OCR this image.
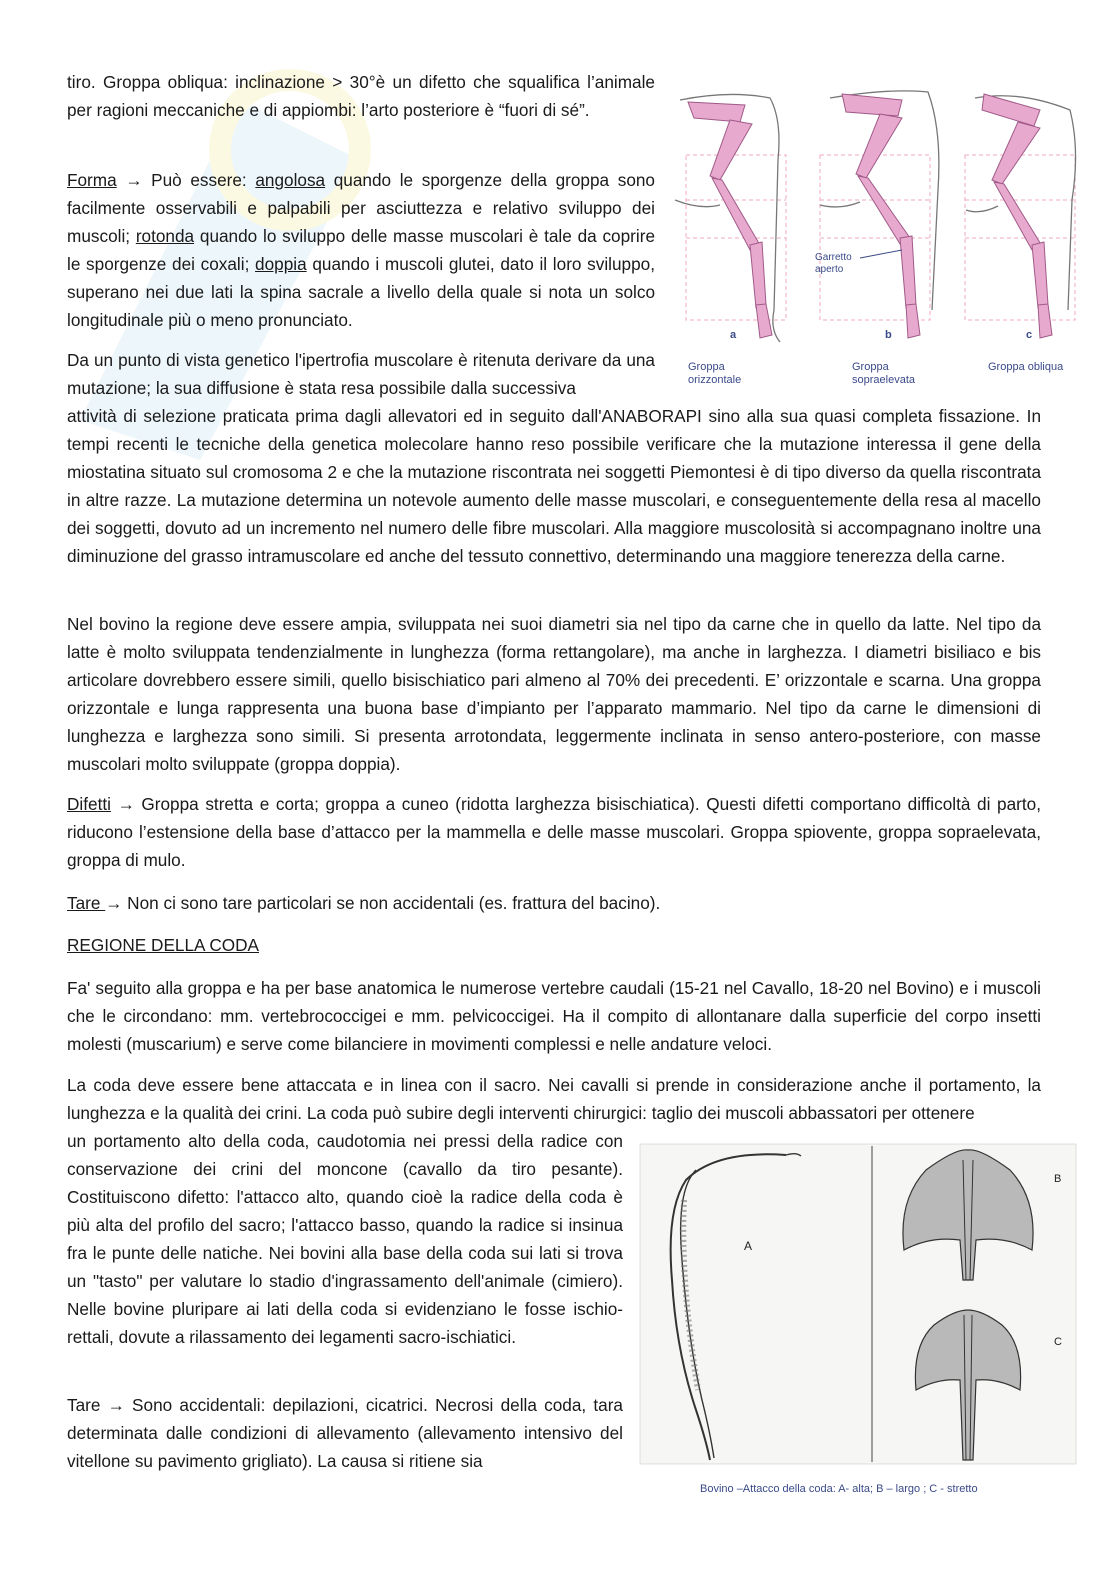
tiro. Groppa obliqua: inclinazione > 30°è un difetto che squalifica l’animale per ragioni meccaniche e di appiombi: l’arto posteriore è “fuori di sé”.

Forma → Può essere: angolosa quando le sporgenze della groppa sono facilmente osservabili e palpabili per asciuttezza e relativo sviluppo dei muscoli; rotonda quando lo sviluppo delle masse muscolari è tale da coprire le sporgenze dei coxali; doppia quando i muscoli glutei, dato il loro sviluppo, superano nei due lati la spina sacrale a livello della quale si nota un solco longitudinale più o meno pronunciato.

Da un punto di vista genetico l'ipertrofia muscolare è ritenuta derivare da una mutazione; la sua diffusione è stata resa possibile dalla successiva

attività di selezione praticata prima dagli allevatori ed in seguito dall'ANABORAPI sino alla sua quasi completa fissazione. In tempi recenti le tecniche della genetica molecolare hanno reso possibile verificare che la mutazione interessa il gene della miostatina situato sul cromosoma 2 e che la mutazione riscontrata nei soggetti Piemontesi è di tipo diverso da quella riscontrata in altre razze. La mutazione determina un notevole aumento delle masse muscolari, e conseguentemente della resa al macello dei soggetti, dovuto ad un incremento nel numero delle fibre muscolari. Alla maggiore muscolosità si accompagnano inoltre una diminuzione del grasso intramuscolare ed anche del tessuto connettivo, determinando una maggiore tenerezza della carne.

Nel bovino la regione deve essere ampia, sviluppata nei suoi diametri sia nel tipo da carne che in quello da latte. Nel tipo da latte è molto sviluppata tendenzialmente in lunghezza (forma rettangolare), ma anche in larghezza. I diametri bisiliaco e bis articolare dovrebbero essere simili, quello bisischiatico pari almeno al 70% dei precedenti. E’ orizzontale e scarna. Una groppa orizzontale e lunga rappresenta una buona base d’impianto per l’apparato mammario. Nel tipo da carne le dimensioni di lunghezza e larghezza sono simili. Si presenta arrotondata, leggermente inclinata in senso antero-posteriore, con masse muscolari molto sviluppate (groppa doppia).

Difetti → Groppa stretta e corta; groppa a cuneo (ridotta larghezza bisischiatica). Questi difetti comportano difficoltà di parto, riducono l’estensione della base d’attacco per la mammella e delle masse muscolari. Groppa spiovente, groppa sopraelevata, groppa di mulo.

Tare → Non ci sono tare particolari se non accidentali (es. frattura del bacino).

REGIONE DELLA CODA

Fa' seguito alla groppa e ha per base anatomica le numerose vertebre caudali (15-21 nel Cavallo, 18-20 nel Bovino) e i muscoli che le circondano: mm. vertebrococcigei e mm. pelvicoccigei. Ha il compito di allontanare dalla superficie del corpo insetti molesti (muscarium) e serve come bilanciere in movimenti complessi e nelle andature veloci.

La coda deve essere bene attaccata e in linea con il sacro. Nei cavalli si prende in considerazione anche il portamento, la lunghezza e la qualità dei crini. La coda può subire degli interventi chirurgici: taglio dei muscoli abbassatori per ottenere

un portamento alto della coda, caudotomia nei pressi della radice con conservazione dei crini del moncone (cavallo da tiro pesante). Costituiscono difetto: l'attacco alto, quando cioè la radice della coda è più alta del profilo del sacro; l'attacco basso, quando la radice si insinua fra le punte delle natiche. Nei bovini alla base della coda sui lati si trova un "tasto" per valutare lo stadio d'ingrassamento dell'animale (cimiero). Nelle bovine pluripare ai lati della coda si evidenziano le fosse ischio-rettali, dovute a rilassamento dei legamenti sacro-ischiatici.

Tare → Sono accidentali: depilazioni, cicatrici. Necrosi della coda, tara determinata dalle condizioni di allevamento (allevamento intensivo del vitellone su pavimento grigliato). La causa si ritiene sia

Garretto
aperto
a	b	c
Groppa
orizzontale
Groppa
sopraelevata
Groppa obliqua
A
B
C
Bovino –Attacco della coda: A- alta; B – largo ; C - stretto
